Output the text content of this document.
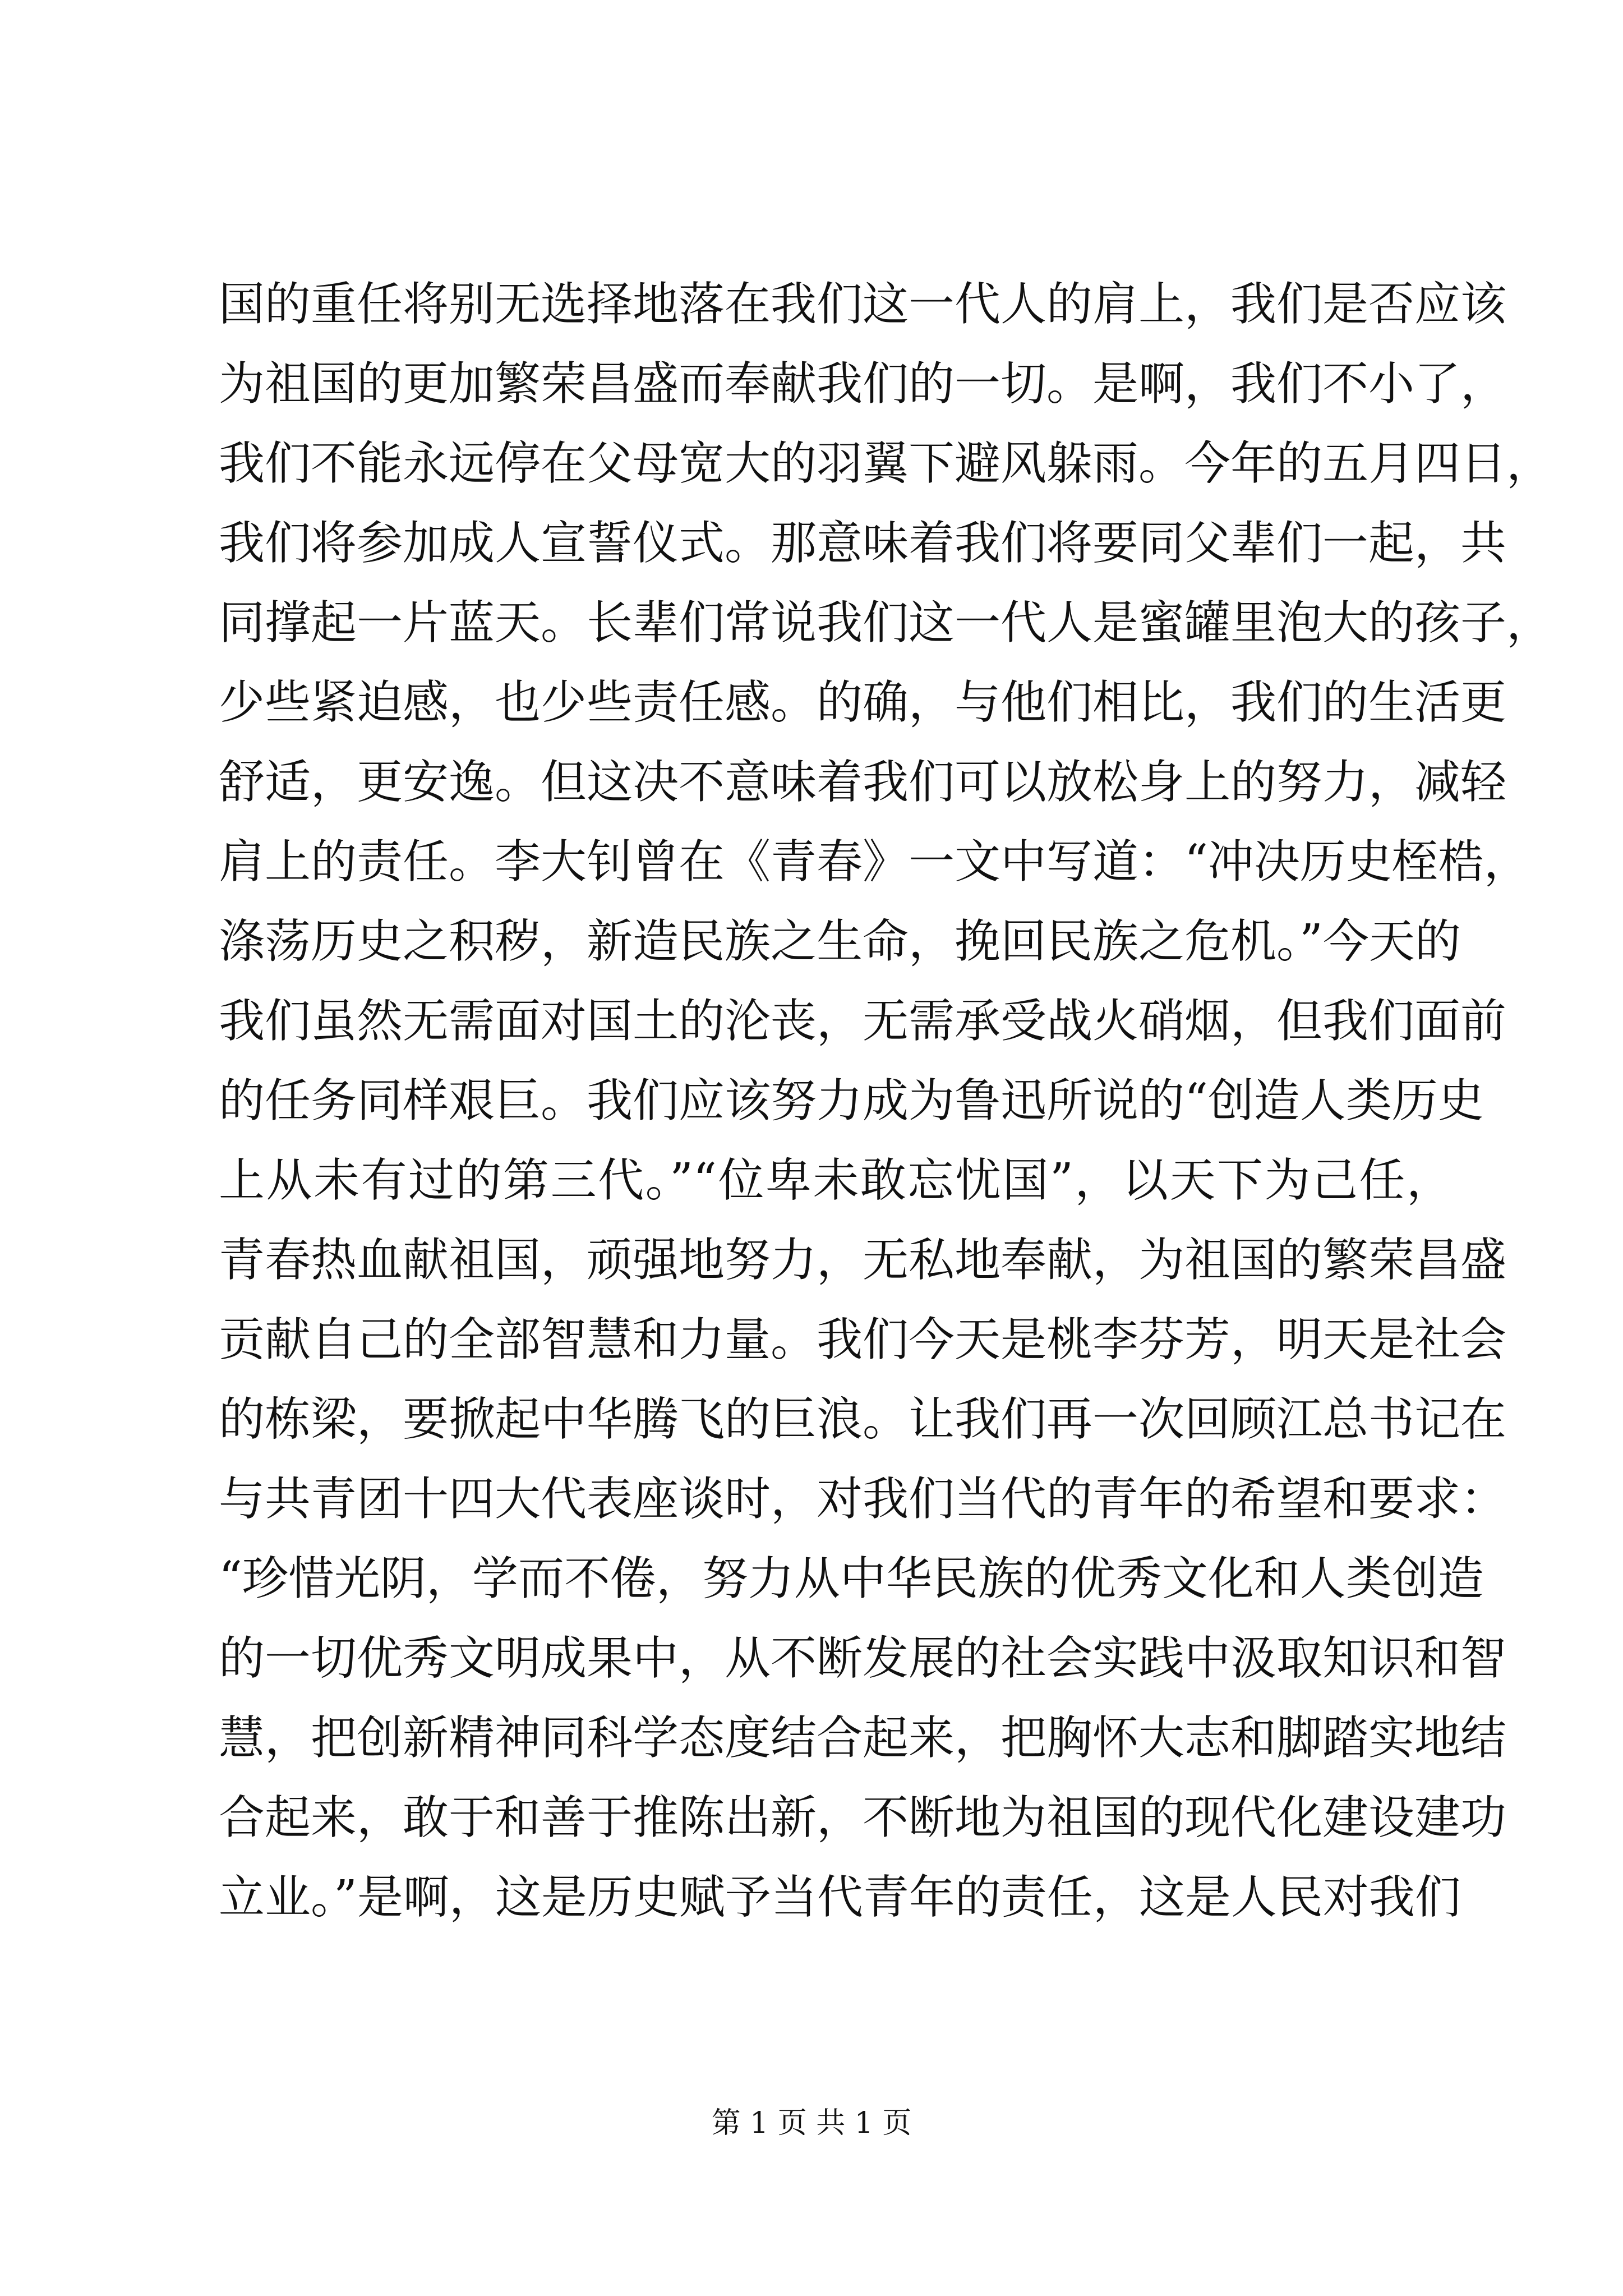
国的重任将别无选择地落在我们这一代人的肩上，我们是否应该
为祖国的更加繁荣昌盛而奉献我们的一切。是啊，我们不小了，
我们不能永远停在父母宽大的羽翼下避风躲雨。今年的五月四日，
我们将参加成人宣誓仪式。那意味着我们将要同父辈们一起，共
同撑起一片蓝天。长辈们常说我们这一代人是蜜罐里泡大的孩子，
少些紧迫感，也少些责任感。的确，与他们相比，我们的生活更
舒适，更安逸。但这决不意味着我们可以放松身上的努力，减轻
肩上的责任。李大钊曾在《青春》一文中写道：“冲决历史桎梏，
涤荡历史之积秽，新造民族之生命，挽回民族之危机。”今天的
我们虽然无需面对国土的沦丧，无需承受战火硝烟，但我们面前
的任务同样艰巨。我们应该努力成为鲁迅所说的“创造人类历史
上从未有过的第三代。”“位卑未敢忘忧国”，以天下为己任，
青春热血献祖国，顽强地努力，无私地奉献，为祖国的繁荣昌盛
贡献自己的全部智慧和力量。我们今天是桃李芬芳，明天是社会
的栋梁，要掀起中华腾飞的巨浪。让我们再一次回顾江总书记在
与共青团十四大代表座谈时，对我们当代的青年的希望和要求：
“珍惜光阴，学而不倦，努力从中华民族的优秀文化和人类创造
的一切优秀文明成果中，从不断发展的社会实践中汲取知识和智
慧，把创新精神同科学态度结合起来，把胸怀大志和脚踏实地结
合起来，敢于和善于推陈出新，不断地为祖国的现代化建设建功
立业。”是啊，这是历史赋予当代青年的责任，这是人民对我们
第 1 页 共 1 页
